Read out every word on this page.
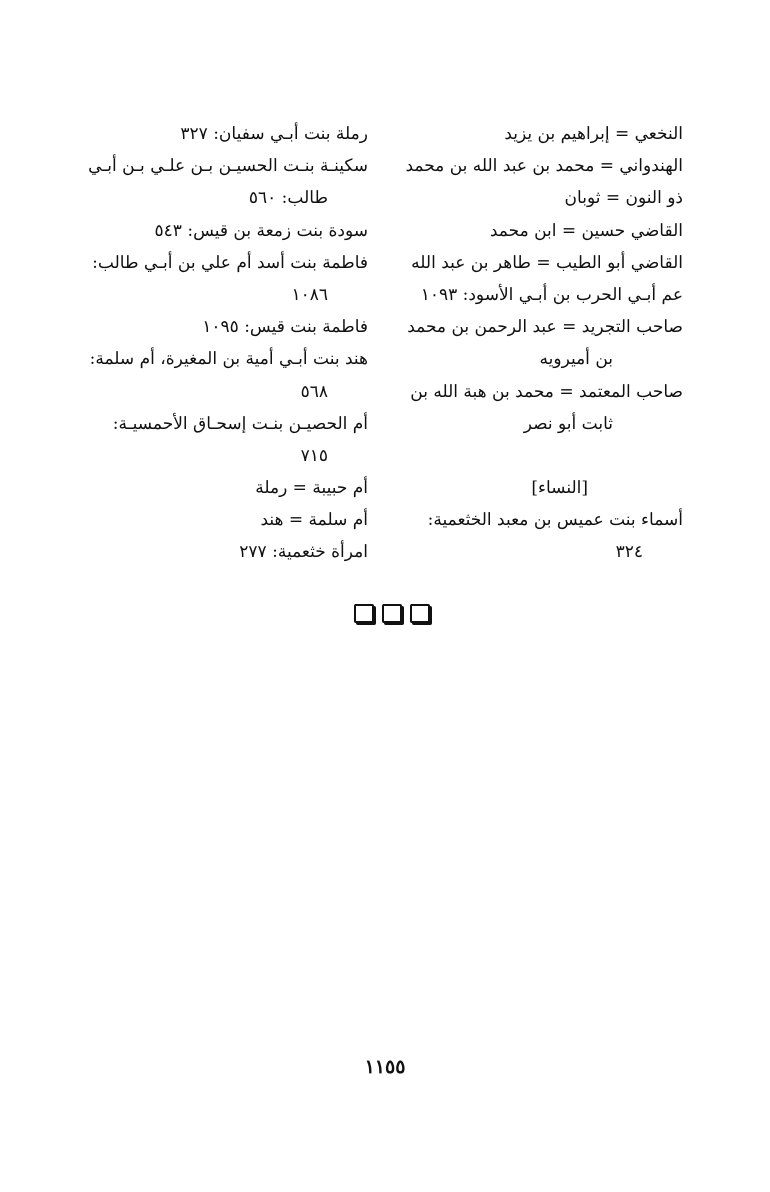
النخعي = إبراهيم بن يزيد
الهندواني = محمد بن عبد الله بن محمد
ذو النون = ثوبان
القاضي حسين = ابن محمد
القاضي أبو الطيب = طاهر بن عبد الله
عم أبـي الحرب بن أبـي الأسود: ١٠٩٣
صاحب التجريد = عبد الرحمن بن محمد
بن أميرويه
صاحب المعتمد = محمد بن هبة الله بن
ثابت أبو نصر
[النساء]
أسماء بنت عميس بن معبد الخثعمية:
٣٢٤
رملة بنت أبـي سفيان: ٣٢٧
سكينـة بنـت الحسيـن بـن علـي بـن أبـي
طالب: ٥٦٠
سودة بنت زمعة بن قيس: ٥٤٣
فاطمة بنت أسد أم علي بن أبـي طالب:
١٠٨٦
فاطمة بنت قيس: ١٠٩٥
هند بنت أبـي أمية بن المغيرة، أم سلمة:
٥٦٨
أم الحصيـن بنـت إسحـاق الأحمسيـة:
٧١٥
أم حبيبة = رملة
أم سلمة = هند
امرأة خثعمية: ٢٧٧
١١٥٥
